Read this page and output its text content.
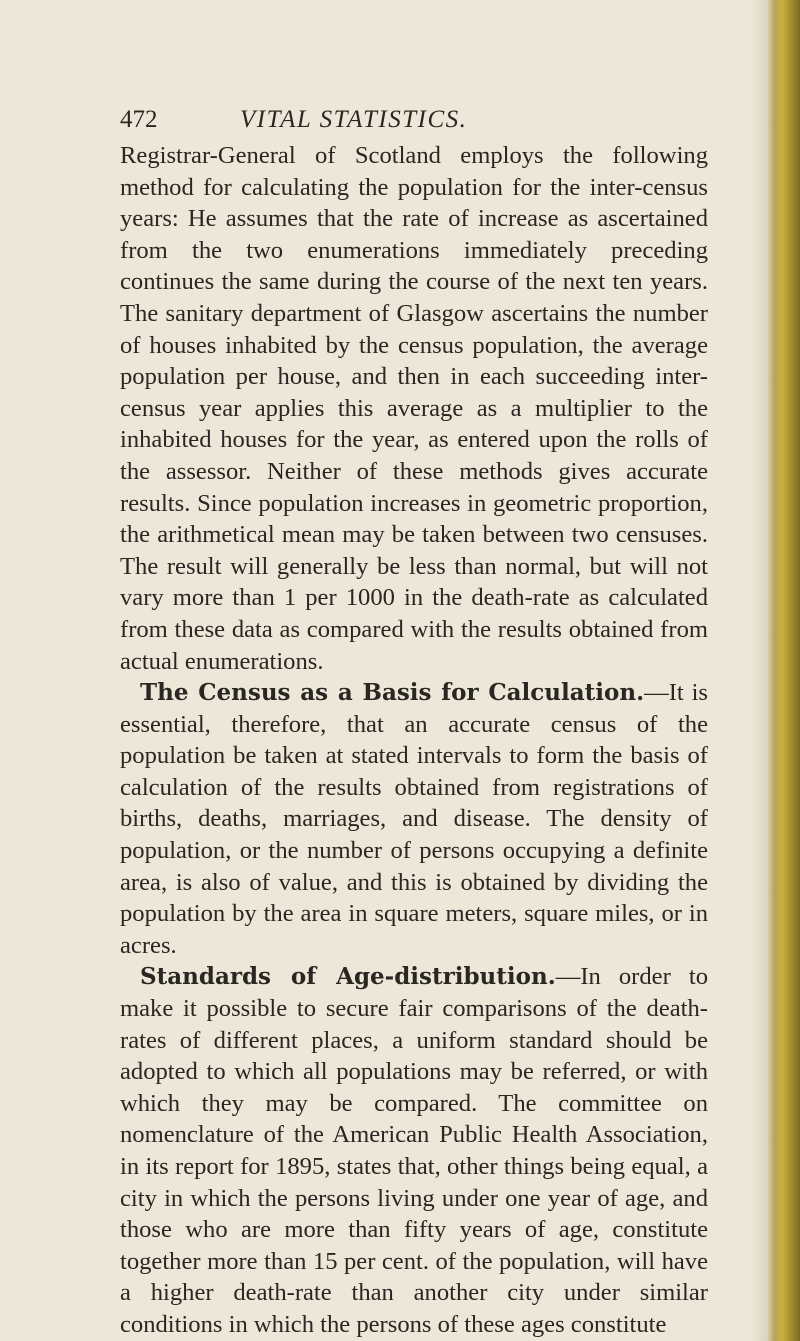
472	VITAL STATISTICS.

Registrar-General of Scotland employs the following method for calculating the population for the inter-census years: He assumes that the rate of increase as ascertained from the two enumerations immediately preceding continues the same during the course of the next ten years. The sanitary department of Glasgow ascertains the number of houses inhabited by the census population, the average population per house, and then in each succeeding inter-census year applies this average as a multiplier to the inhabited houses for the year, as entered upon the rolls of the assessor. Neither of these methods gives accurate results. Since population increases in geometric proportion, the arithmetical mean may be taken between two censuses. The result will generally be less than normal, but will not vary more than 1 per 1000 in the death-rate as calculated from these data as compared with the results obtained from actual enumerations.

The Census as a Basis for Calculation.—It is essential, therefore, that an accurate census of the population be taken at stated intervals to form the basis of calculation of the results obtained from registrations of births, deaths, marriages, and disease. The density of population, or the number of persons occupying a definite area, is also of value, and this is obtained by dividing the population by the area in square meters, square miles, or in acres.

Standards of Age-distribution.—In order to make it possible to secure fair comparisons of the death-rates of different places, a uniform standard should be adopted to which all populations may be referred, or with which they may be compared. The committee on nomenclature of the American Public Health Association, in its report for 1895, states that, other things being equal, a city in which the persons living under one year of age, and those who are more than fifty years of age, constitute together more than 15 per cent. of the population, will have a higher death-rate than another city under similar conditions in which the persons of these ages constitute
